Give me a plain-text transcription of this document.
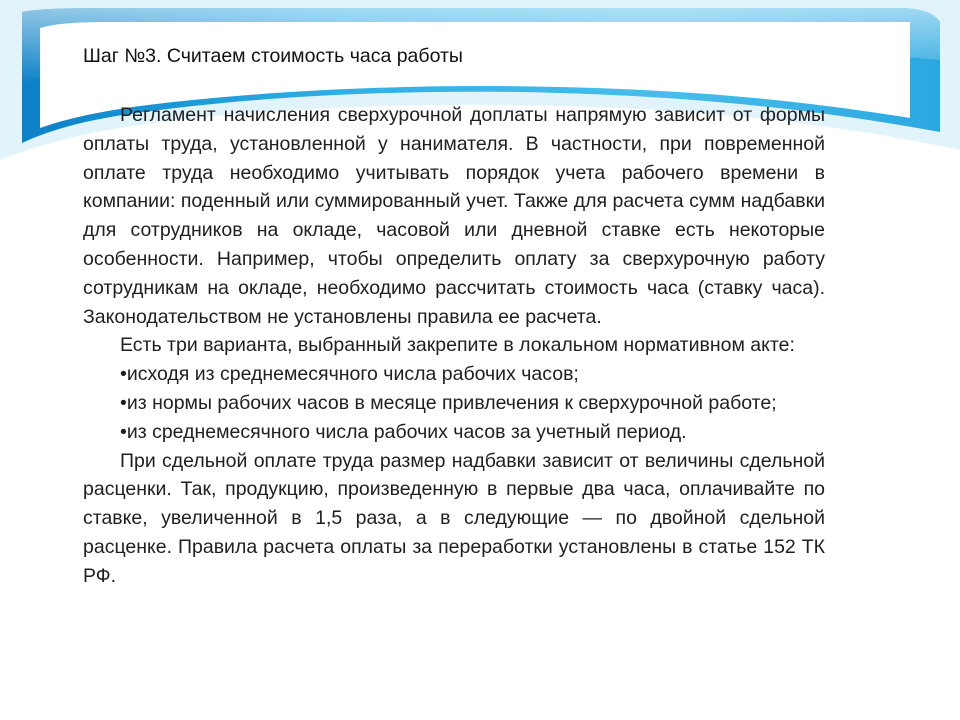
Шаг №3. Считаем стоимость часа работы

Регламент начисления сверхурочной доплаты напрямую зависит от формы оплаты труда, установленной у нанимателя. В частности, при повременной оплате труда необходимо учитывать порядок учета рабочего времени в компании: поденный или суммированный учет. Также для расчета сумм надбавки для сотрудников на окладе, часовой или дневной ставке есть некоторые особенности. Например, чтобы определить оплату за сверхурочную работу сотрудникам на окладе, необходимо рассчитать стоимость часа (ставку часа). Законодательством не установлены правила ее расчета.

Есть три варианта, выбранный закрепите в локальном нормативном акте:

•исходя из среднемесячного числа рабочих часов;

•из нормы рабочих часов в месяце привлечения к сверхурочной работе;

•из среднемесячного числа рабочих часов за учетный период.

При сдельной оплате труда размер надбавки зависит от величины сдельной расценки. Так, продукцию, произведенную в первые два часа, оплачивайте по ставке, увеличенной в 1,5 раза, а в следующие — по двойной сдельной расценке. Правила расчета оплаты за переработки установлены в статье 152 ТК РФ.
